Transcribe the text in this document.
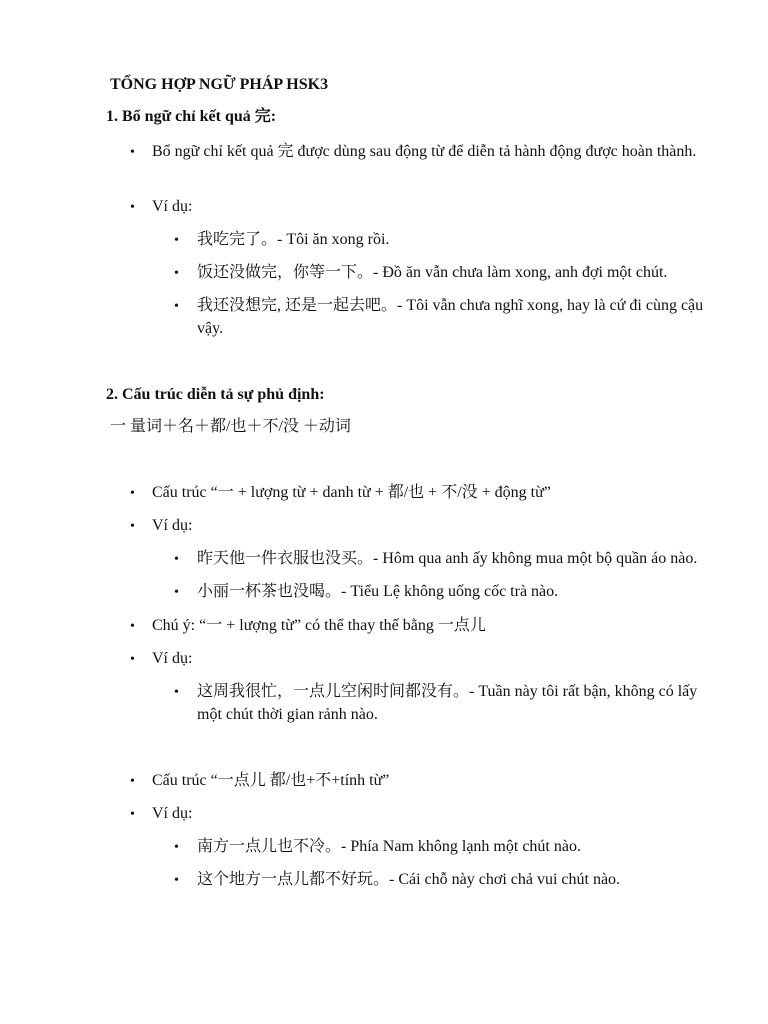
TỔNG HỢP NGỮ PHÁP HSK3
1. Bổ ngữ chỉ kết quả 完:
• Bổ ngữ chỉ kết quả 完 được dùng sau động từ để diễn tả hành động được hoàn thành.
• Ví dụ:
• 我吃完了。- Tôi ăn xong rồi.
• 饭还没做完，你等一下。- Đồ ăn vẫn chưa làm xong, anh đợi một chút.
• 我还没想完, 还是一起去吧。- Tôi vẫn chưa nghĩ xong, hay là cứ đi cùng cậu vậy.
2. Cấu trúc diễn tả sự phủ định:
一 量词＋名＋都/也＋不/没 ＋动词
• Cấu trúc “一 + lượng từ + danh từ + 都/也 + 不/没 + động từ”
• Ví dụ:
• 昨天他一件衣服也没买。- Hôm qua anh ấy không mua một bộ quần áo nào.
• 小丽一杯茶也没喝。- Tiểu Lệ không uống cốc trà nào.
• Chú ý: “一 + lượng từ” có thể thay thế bằng 一点儿
• Ví dụ:
• 这周我很忙，一点儿空闲时间都没有。- Tuần này tôi rất bận, không có lấy một chút thời gian rảnh nào.
• Cấu trúc “一点儿 都/也+不+tính từ”
• Ví dụ:
• 南方一点儿也不冷。- Phía Nam không lạnh một chút nào.
• 这个地方一点儿都不好玩。- Cái chỗ này chơi chả vui chút nào.
